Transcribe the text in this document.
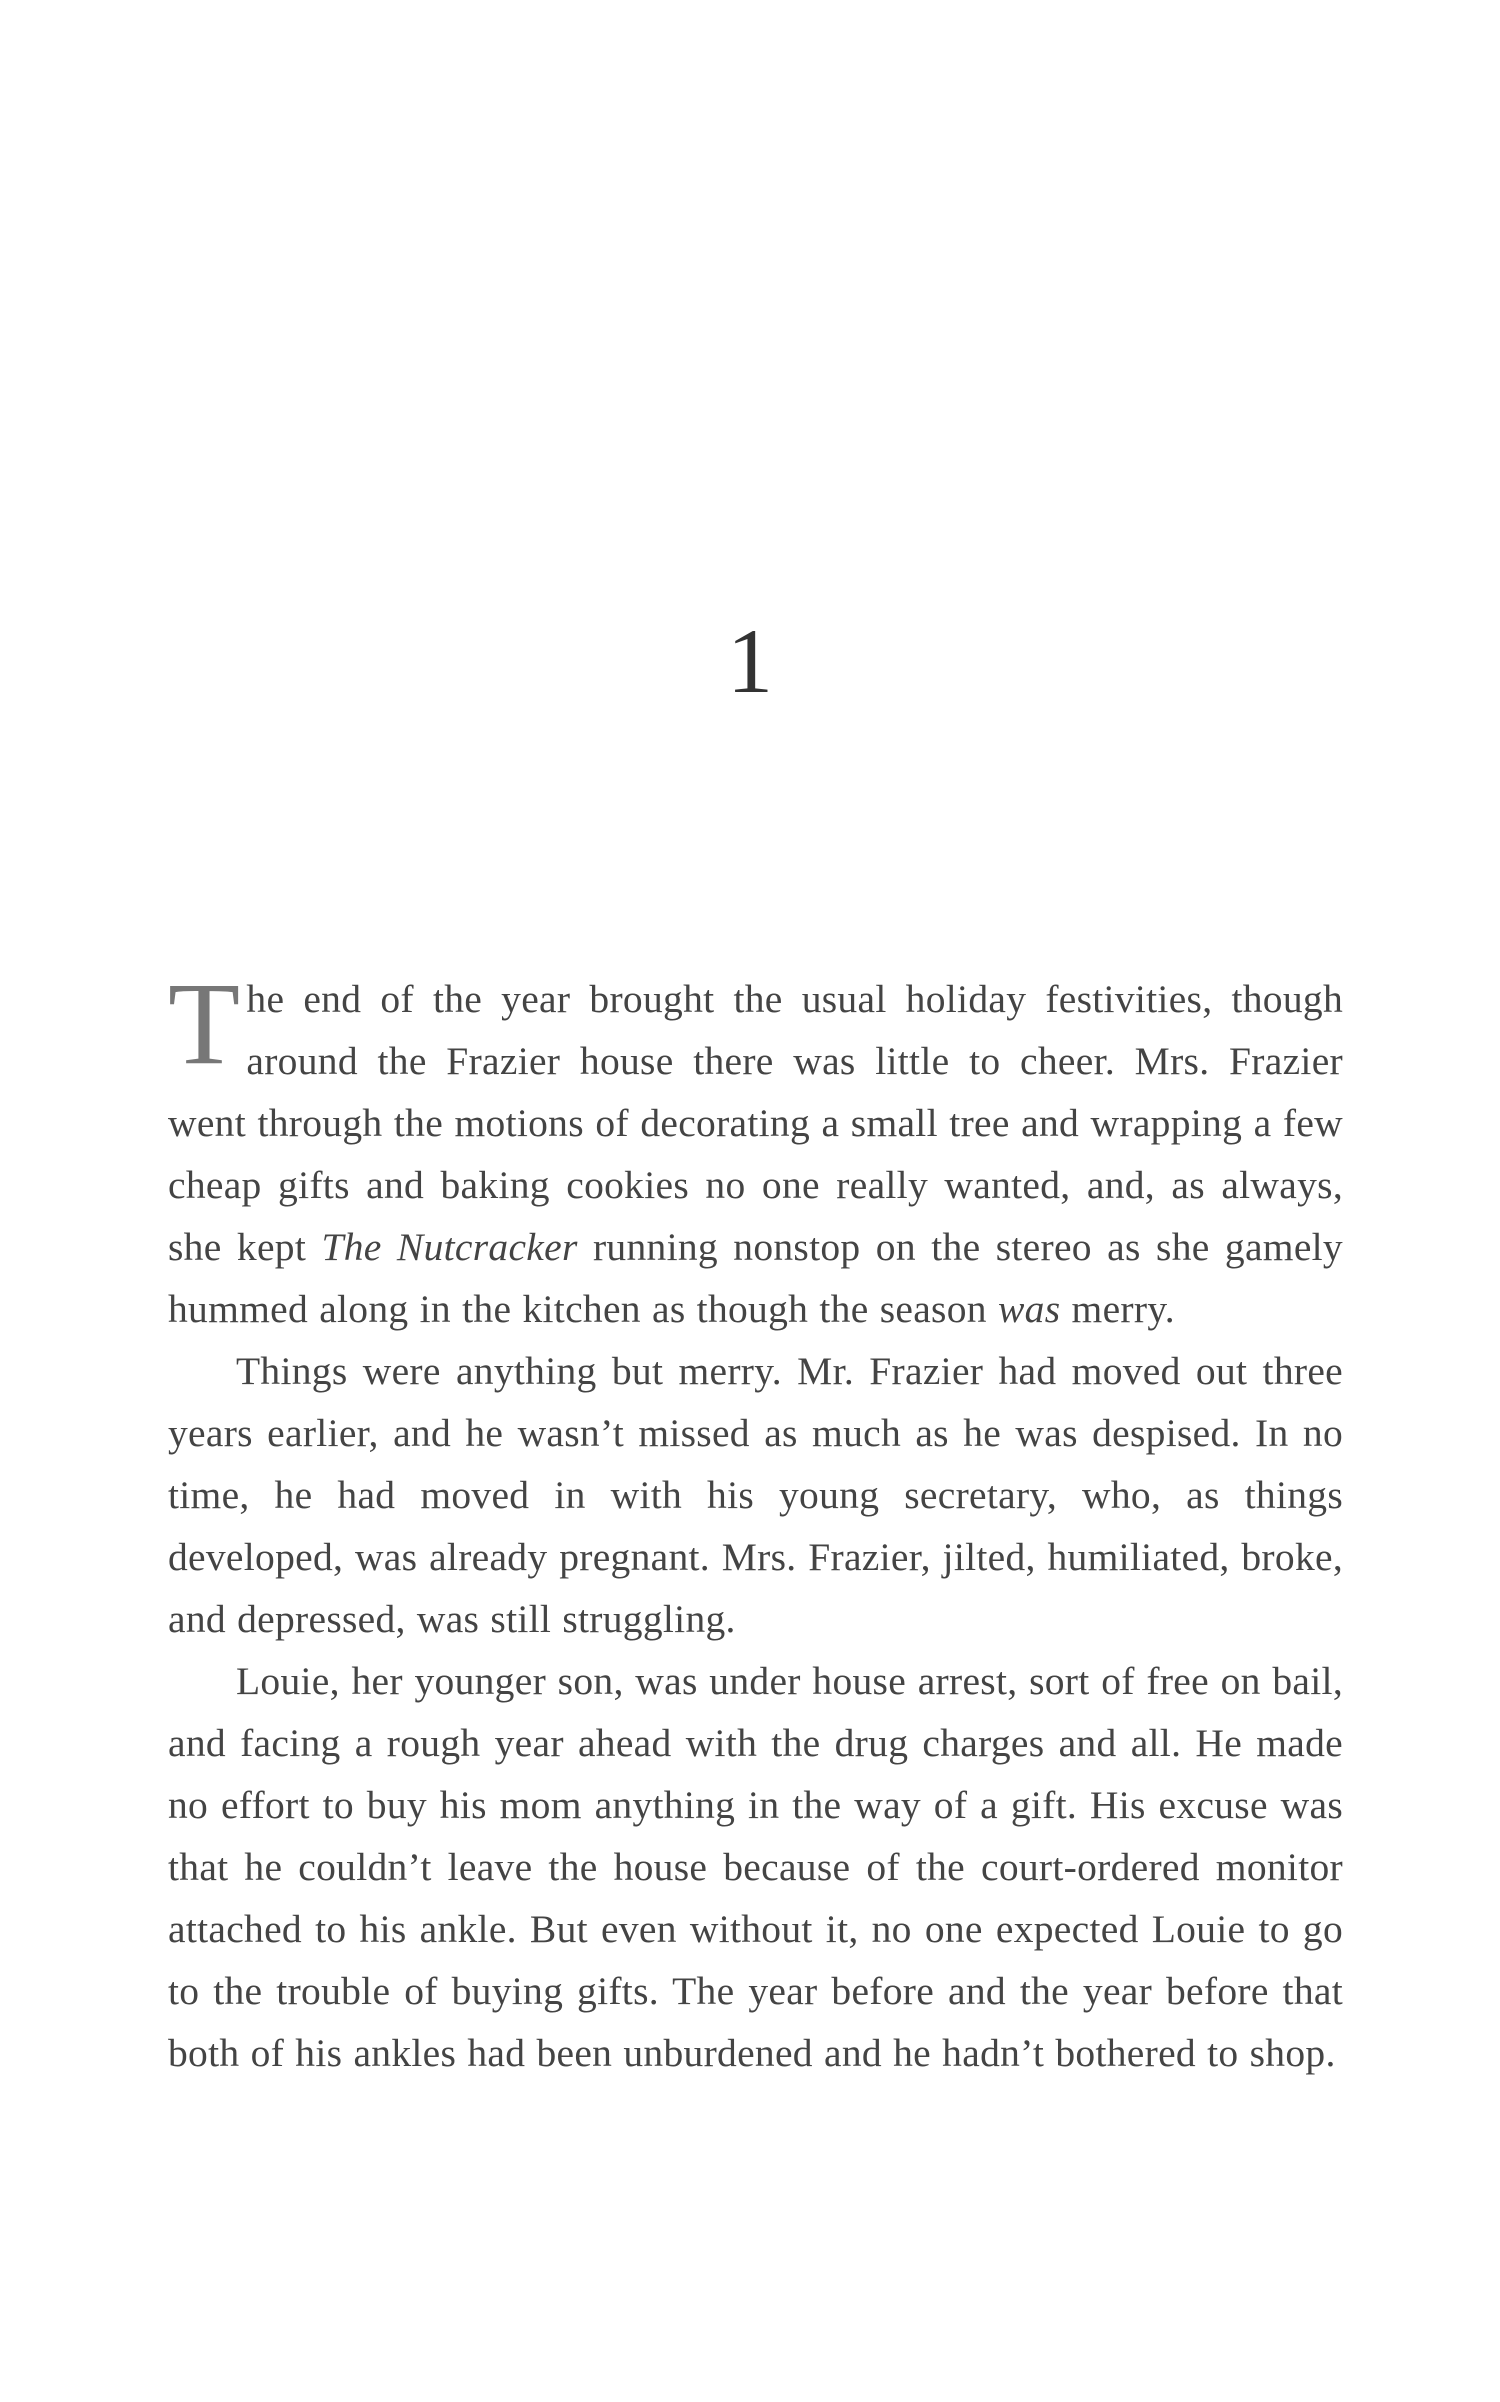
1

The end of the year brought the usual holiday festivities, though around the Frazier house there was little to cheer. Mrs. Frazier went through the motions of decorating a small tree and wrapping a few cheap gifts and baking cookies no one really wanted, and, as always, she kept The Nutcracker running nonstop on the stereo as she gamely hummed along in the kitchen as though the season was merry.

Things were anything but merry. Mr. Frazier had moved out three years earlier, and he wasn’t missed as much as he was despised. In no time, he had moved in with his young secretary, who, as things developed, was already pregnant. Mrs. Frazier, jilted, humiliated, broke, and depressed, was still struggling.

Louie, her younger son, was under house arrest, sort of free on bail, and facing a rough year ahead with the drug charges and all. He made no effort to buy his mom anything in the way of a gift. His excuse was that he couldn’t leave the house because of the court-ordered monitor attached to his ankle. But even without it, no one expected Louie to go to the trouble of buying gifts. The year before and the year before that both of his ankles had been unburdened and he hadn’t bothered to shop.
